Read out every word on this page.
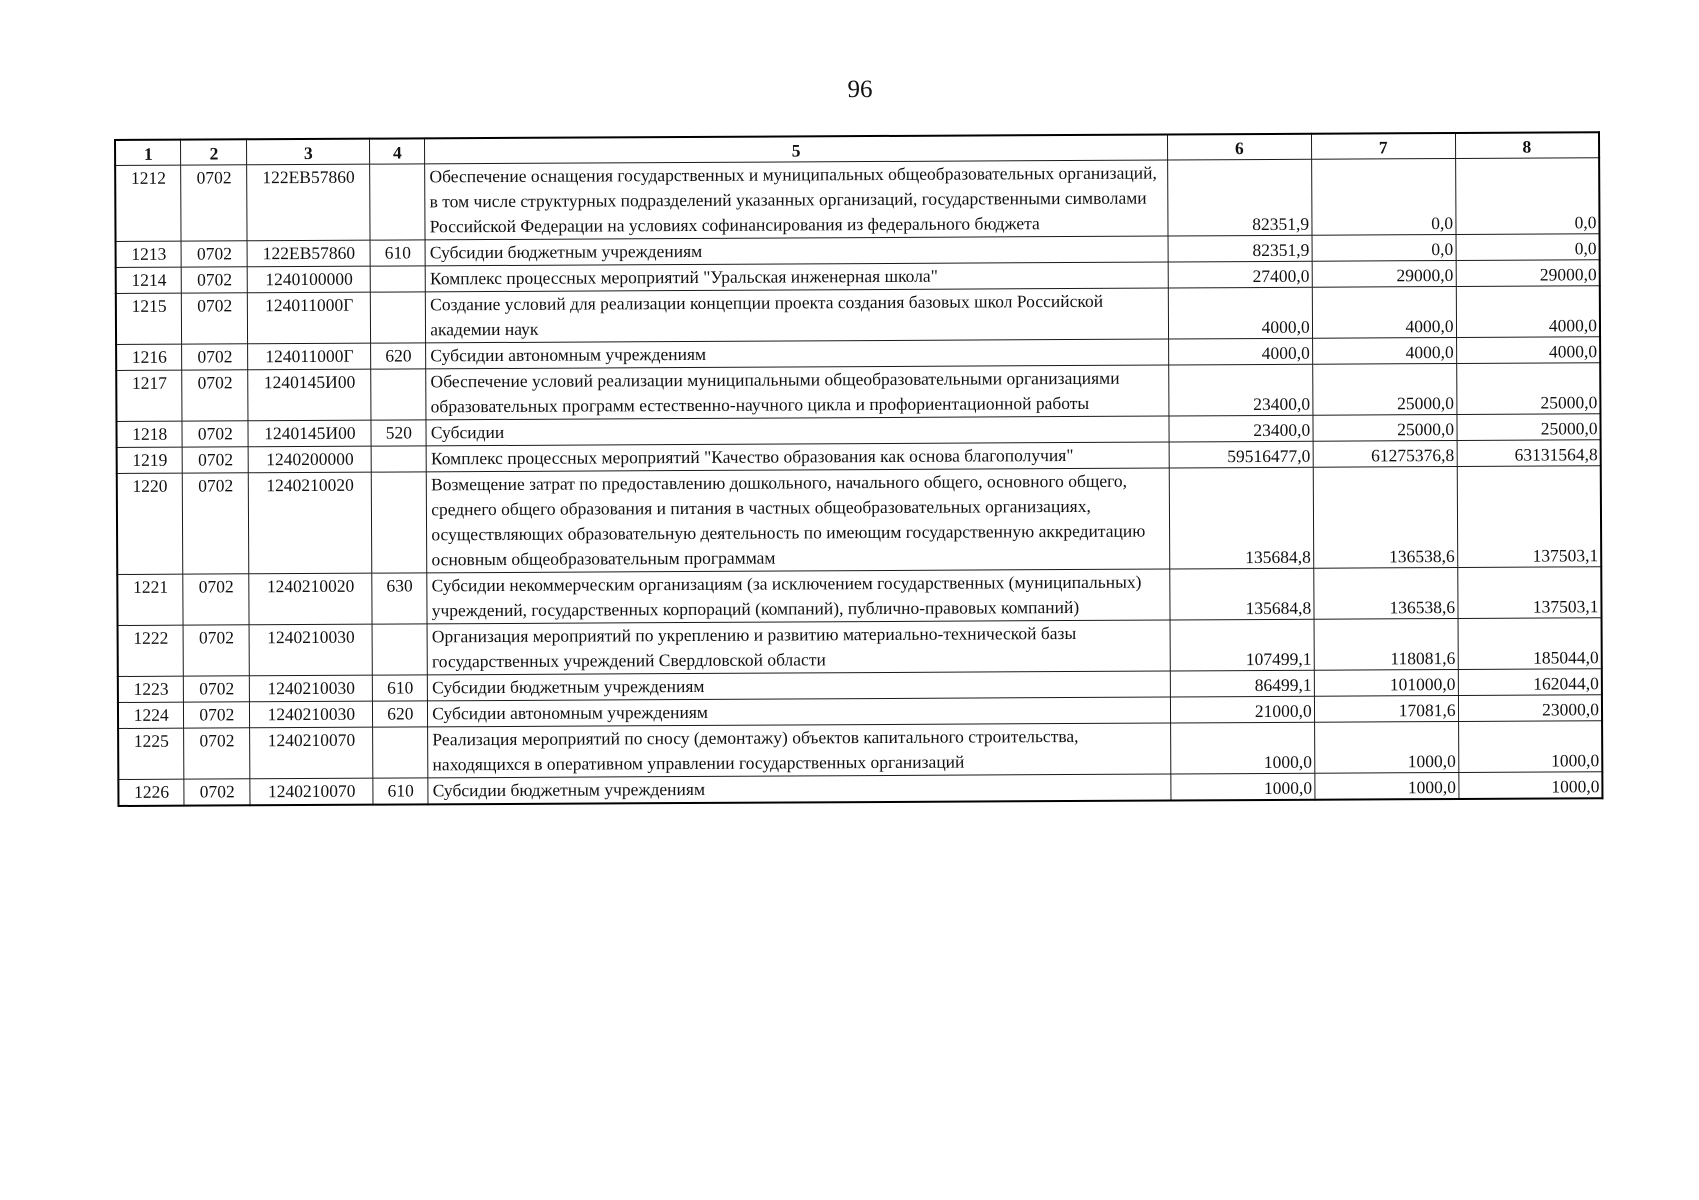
96
1	2	3	4	5	6	7	8
1212	0702	122EB57860		Обеспечение оснащения государственных и муниципальных общеобразовательных организаций, в том числе структурных подразделений указанных организаций, государственными символами Российской Федерации на условиях софинансирования из федерального бюджета	82351,9	0,0	0,0
1213	0702	122EB57860	610	Субсидии бюджетным учреждениям	82351,9	0,0	0,0
1214	0702	1240100000		Комплекс процессных мероприятий "Уральская инженерная школа"	27400,0	29000,0	29000,0
1215	0702	124011000Г		Создание условий для реализации концепции проекта создания базовых школ Российской академии наук	4000,0	4000,0	4000,0
1216	0702	124011000Г	620	Субсидии автономным учреждениям	4000,0	4000,0	4000,0
1217	0702	1240145И00		Обеспечение условий реализации муниципальными общеобразовательными организациями образовательных программ естественно-научного цикла и профориентационной работы	23400,0	25000,0	25000,0
1218	0702	1240145И00	520	Субсидии	23400,0	25000,0	25000,0
1219	0702	1240200000		Комплекс процессных мероприятий "Качество образования как основа благополучия"	59516477,0	61275376,8	63131564,8
1220	0702	1240210020		Возмещение затрат по предоставлению дошкольного, начального общего, основного общего, среднего общего образования и питания в частных общеобразовательных организациях, осуществляющих образовательную деятельность по имеющим государственную аккредитацию основным общеобразовательным программам	135684,8	136538,6	137503,1
1221	0702	1240210020	630	Субсидии некоммерческим организациям (за исключением государственных (муниципальных) учреждений, государственных корпораций (компаний), публично-правовых компаний)	135684,8	136538,6	137503,1
1222	0702	1240210030		Организация мероприятий по укреплению и развитию материально-технической базы государственных учреждений Свердловской области	107499,1	118081,6	185044,0
1223	0702	1240210030	610	Субсидии бюджетным учреждениям	86499,1	101000,0	162044,0
1224	0702	1240210030	620	Субсидии автономным учреждениям	21000,0	17081,6	23000,0
1225	0702	1240210070		Реализация мероприятий по сносу (демонтажу) объектов капитального строительства, находящихся в оперативном управлении государственных организаций	1000,0	1000,0	1000,0
1226	0702	1240210070	610	Субсидии бюджетным учреждениям	1000,0	1000,0	1000,0
